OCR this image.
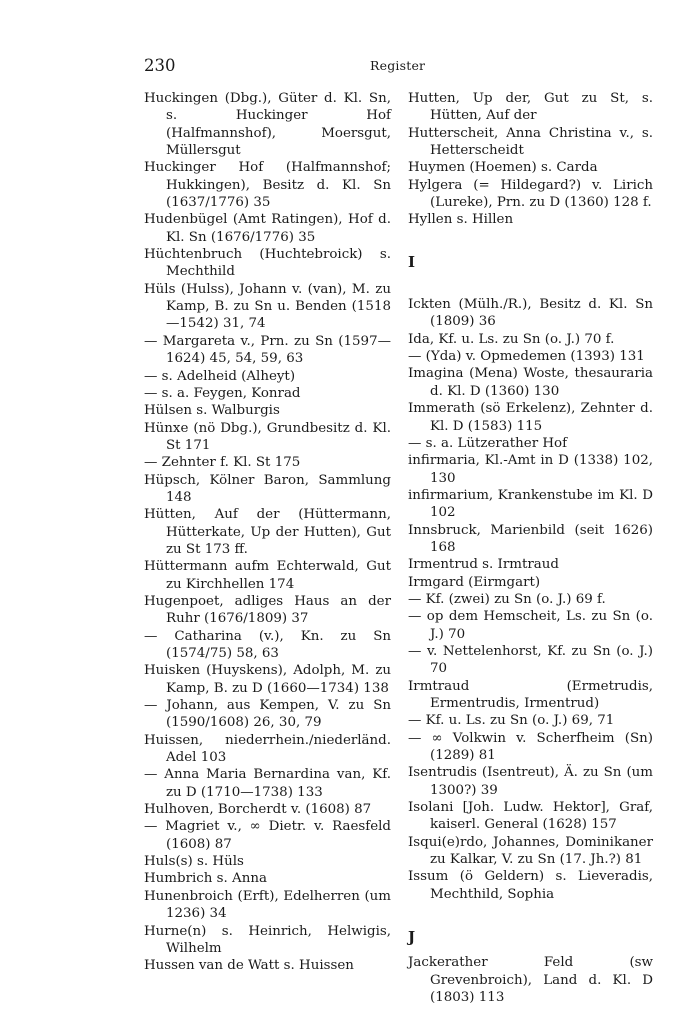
230	Register

Huckingen (Dbg.), Güter d. Kl. Sn, s. Huckinger Hof (Halfmannshof), Moersgut, Müllersgut

Huckinger Hof (Halfmannshof; Hukkingen), Besitz d. Kl. Sn (1637/1776) 35

Hudenbügel (Amt Ratingen), Hof d. Kl. Sn (1676/1776) 35

Hüchtenbruch (Huchtebroick) s. Mechthild

Hüls (Hulss), Johann v. (van), M. zu Kamp, B. zu Sn u. Benden (1518—1542) 31, 74

— Margareta v., Prn. zu Sn (1597—1624) 45, 54, 59, 63

— s. Adelheid (Alheyt)

— s. a. Feygen, Konrad

Hülsen s. Walburgis

Hünxe (nö Dbg.), Grundbesitz d. Kl. St 171

— Zehnter f. Kl. St 175

Hüpsch, Kölner Baron, Sammlung 148

Hütten, Auf der (Hüttermann, Hütterkate, Up der Hutten), Gut zu St 173 ff.

Hüttermann aufm Echterwald, Gut zu Kirchhellen 174

Hugenpoet, adliges Haus an der Ruhr (1676/1809) 37

— Catharina (v.), Kn. zu Sn (1574/75) 58, 63

Huisken (Huyskens), Adolph, M. zu Kamp, B. zu D (1660—1734) 138

— Johann, aus Kempen, V. zu Sn (1590/1608) 26, 30, 79

Huissen, niederrhein./niederländ. Adel 103

— Anna Maria Bernardina van, Kf. zu D (1710—1738) 133

Hulhoven, Borcherdt v. (1608) 87

— Magriet v., ∞ Dietr. v. Raesfeld (1608) 87

Huls(s) s. Hüls

Humbrich s. Anna

Hunenbroich (Erft), Edelherren (um 1236) 34

Hurne(n) s. Heinrich, Helwigis, Wilhelm

Hussen van de Watt s. Huissen

Hutten, Up der, Gut zu St, s. Hütten, Auf der

Hutterscheit, Anna Christina v., s. Hetterscheidt

Huymen (Hoemen) s. Carda

Hylgera (= Hildegard?) v. Lirich (Lureke), Prn. zu D (1360) 128 f.

Hyllen s. Hillen

I

Ickten (Mülh./R.), Besitz d. Kl. Sn (1809) 36

Ida, Kf. u. Ls. zu Sn (o. J.) 70 f.

— (Yda) v. Opmedemen (1393) 131

Imagina (Mena) Woste, thesauraria d. Kl. D (1360) 130

Immerath (sö Erkelenz), Zehnter d. Kl. D (1583) 115

— s. a. Lützerather Hof

infirmaria, Kl.-Amt in D (1338) 102, 130

infirmarium, Krankenstube im Kl. D 102

Innsbruck, Marienbild (seit 1626) 168

Irmentrud s. Irmtraud

Irmgard (Eirmgart)

— Kf. (zwei) zu Sn (o. J.) 69 f.

— op dem Hemscheit, Ls. zu Sn (o. J.) 70

— v. Nettelenhorst, Kf. zu Sn (o. J.) 70

Irmtraud (Ermetrudis, Ermentrudis, Irmentrud)

— Kf. u. Ls. zu Sn (o. J.) 69, 71

— ∞ Volkwin v. Scherfheim (Sn) (1289) 81

Isentrudis (Isentreut), Ä. zu Sn (um 1300?) 39

Isolani [Joh. Ludw. Hektor], Graf, kaiserl. General (1628) 157

Isqui(e)rdo, Johannes, Dominikaner zu Kalkar, V. zu Sn (17. Jh.?) 81

Issum (ö Geldern) s. Lieveradis, Mechthild, Sophia

J

Jackerather Feld (sw Grevenbroich), Land d. Kl. D (1803) 113
